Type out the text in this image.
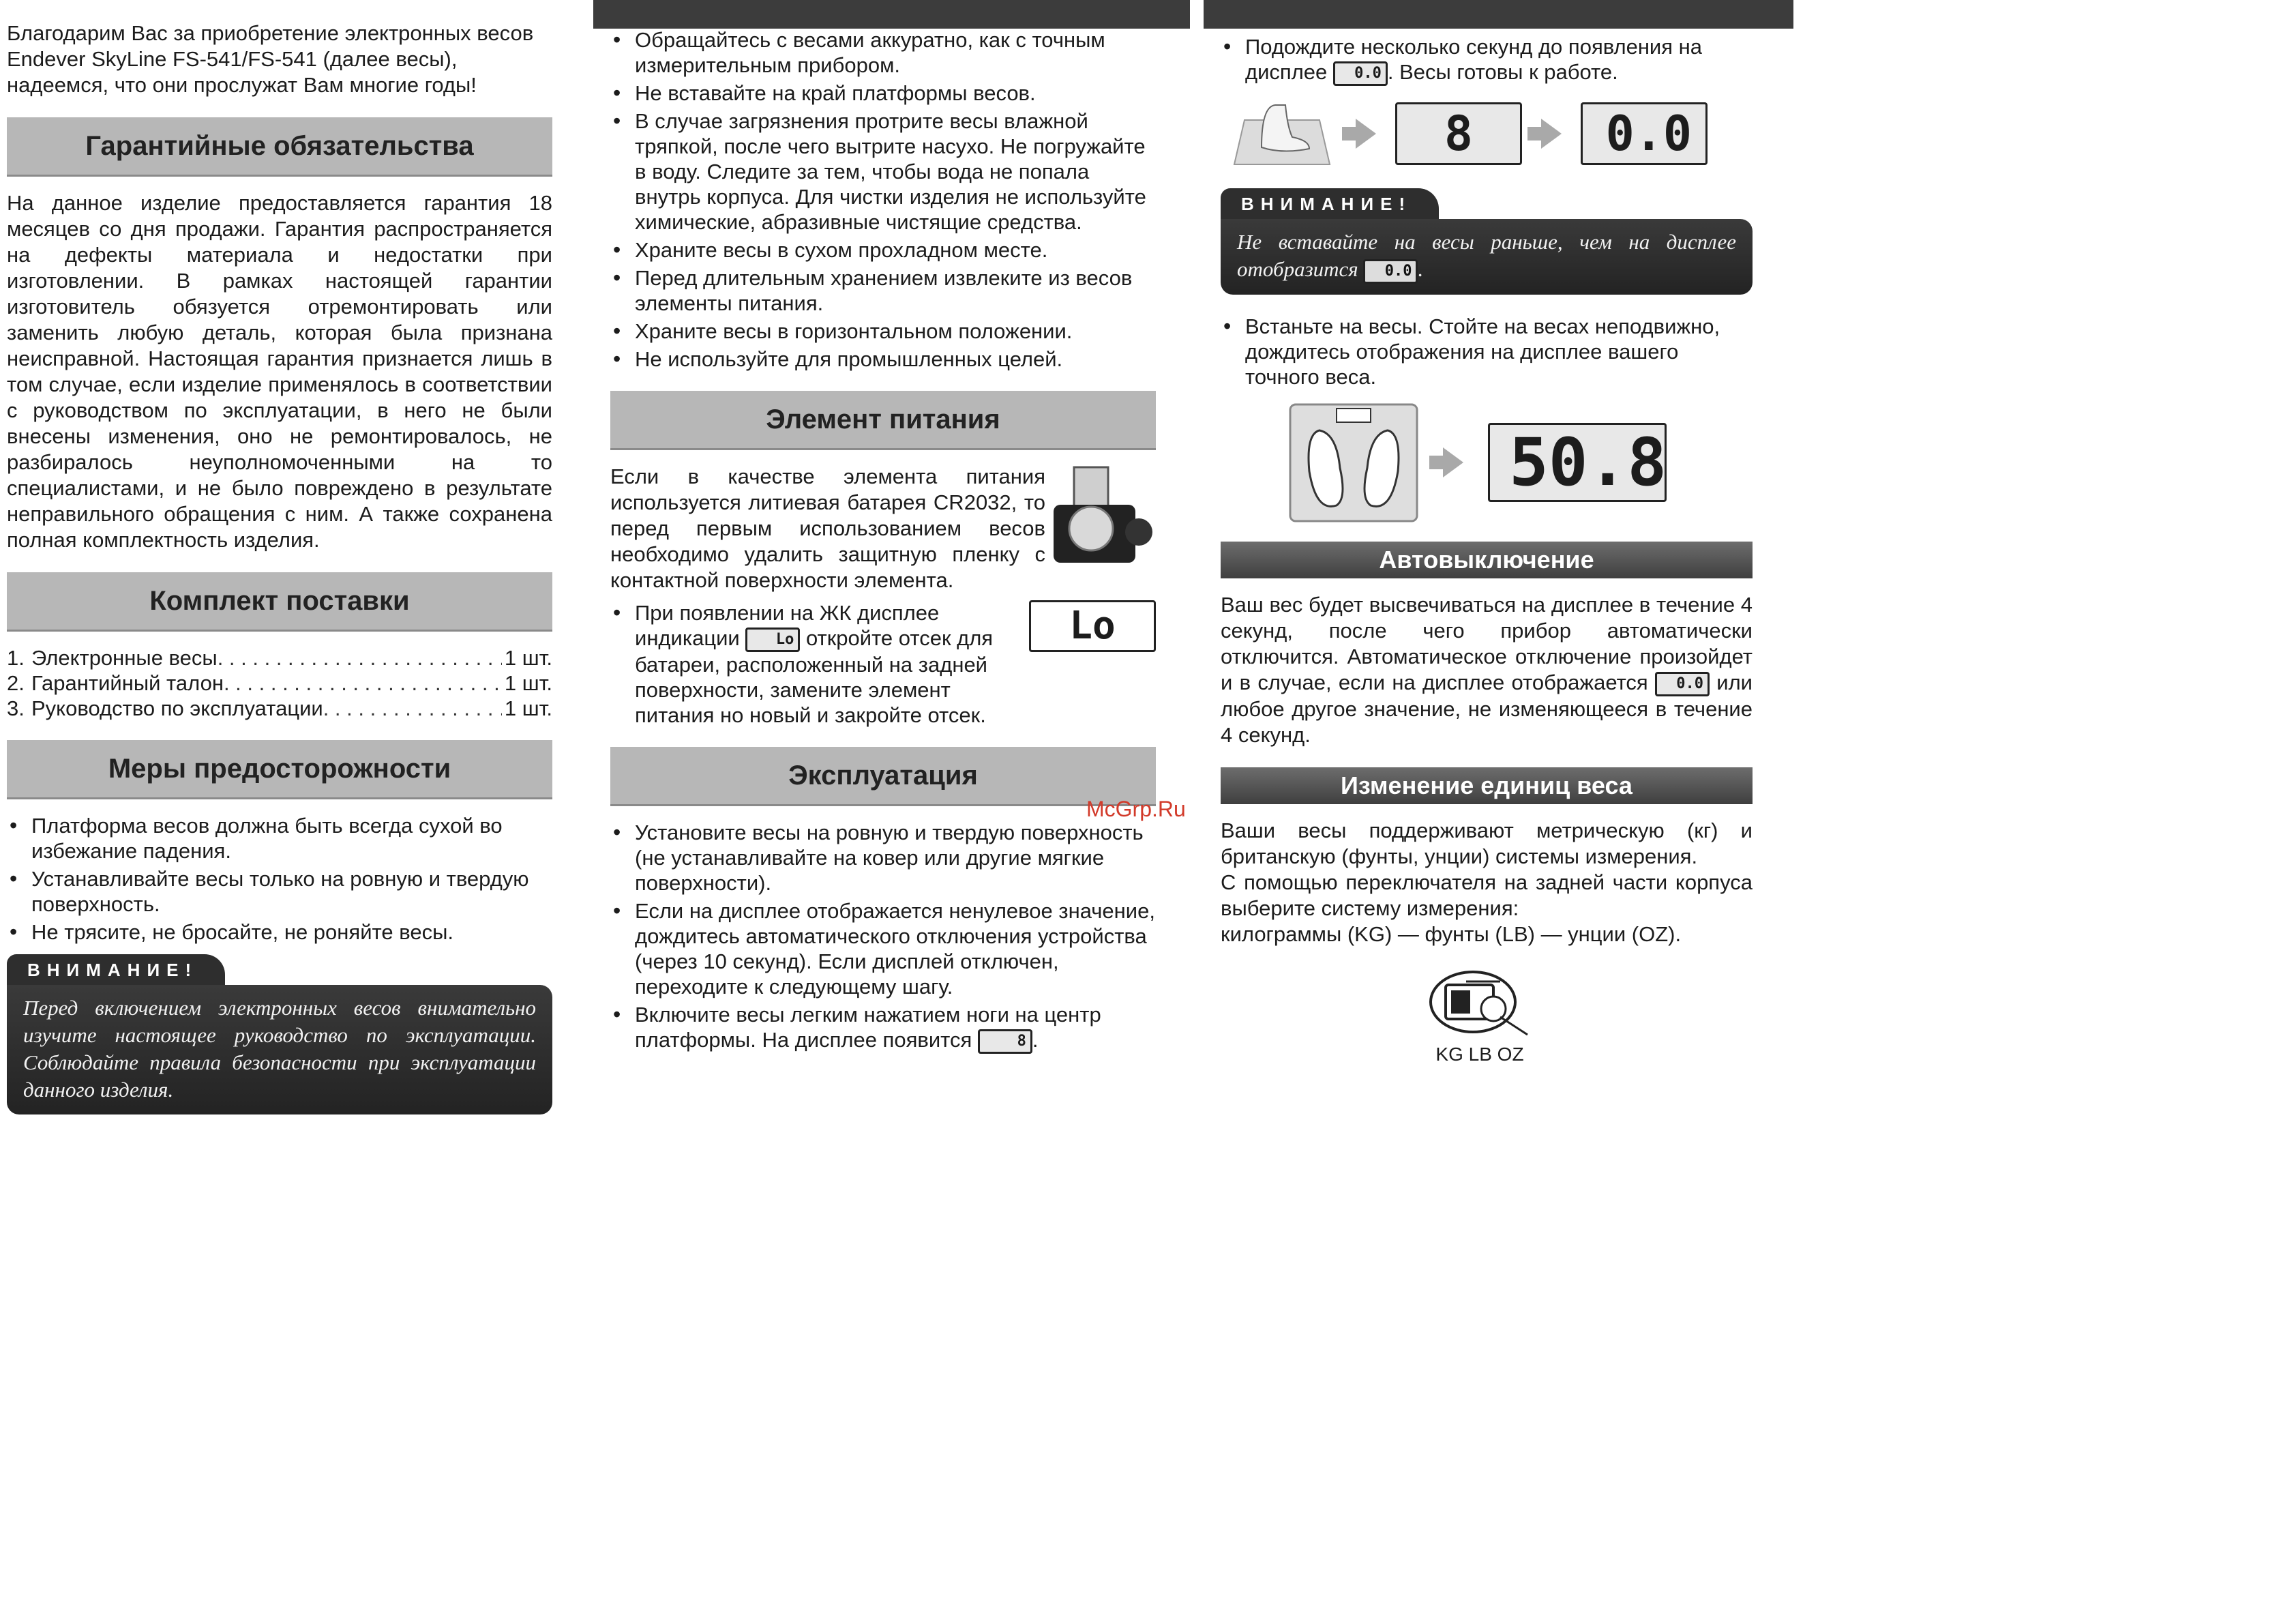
Благодарим Вас за приобретение электронных весов Endever SkyLine FS-541/FS-541 (далее весы), надеемся, что они прослужат Вам многие годы!

Гарантийные обязательства

На данное изделие предоставляется гарантия 18 месяцев со дня продажи. Гарантия распространяется на дефекты материала и недостатки при изготовлении. В рамках настоящей гарантии изготовитель обязуется отремонтировать или заменить любую деталь, которая была признана неисправной. Настоящая гарантия признается лишь в том случае, если изделие применялось в соответствии с руководством по эксплуатации, в него не были внесены изменения, оно не ремонтировалось, не разбиралось неуполномоченными на то специалистами, и не было повреждено в результате неправильного обращения с ним. А также сохранена полная комплектность изделия.

Комплект поставки
1. Электронные весы . . .	1 шт.
2. Гарантийный талон . . .	1 шт.
3. Руководство по эксплуатации . . .	1 шт.
Меры предосторожности
• Платформа весов должна быть всегда сухой во избежание падения.
• Устанавливайте весы только на ровную и твердую поверхность.
• Не трясите, не бросайте, не роняйте весы.
ВНИМАНИЕ!
Перед включением электронных весов внимательно изучите настоящее руководство по эксплуатации. Соблюдайте правила безопасности при эксплуатации данного изделия.
• Обращайтесь с весами аккуратно, как с точным измерительным прибором.
• Не вставайте на край платформы весов.
• В случае загрязнения протрите весы влажной тряпкой, после чего вытрите насухо. Не погружайте в воду. Следите за тем, чтобы вода не попала внутрь корпуса. Для чистки изделия не используйте химические, абразивные чистящие средства.
• Храните весы в сухом прохладном месте.
• Перед длительным хранением извлеките из весов элементы питания.
• Храните весы в горизонтальном положении.
• Не используйте для промышленных целей.
Элемент питания

Если в качестве элемента питания используется литиевая батарея CR2032, то перед первым использованием весов необходимо удалить защитную пленку с контактной поверхности элемента.

• При появлении на ЖК дисплее индикации Lo откройте отсек для батареи, расположенный на задней поверхности, замените элемент питания но новый и закройте отсек.
Lo
Эксплуатация
• Установите весы на ровную и твердую поверхность (не устанавливайте на ковер или другие мягкие поверхности).
• Если на дисплее отображается ненулевое значение, дождитесь автоматического отключения устройства (через 10 секунд). Если дисплей отключен, переходите к следующему шагу.
• Включите весы легким нажатием ноги на центр платформы. На дисплее появится	8 .
• Подождите несколько секунд до появления на дисплее 0.0 . Весы готовы к работе.
8	0.0
ВНИМАНИЕ!
Не вставайте на весы раньше, чем на дисплее отобразится 0.0 .
• Встаньте на весы. Стойте на весах неподвижно, дождитесь отображения на дисплее вашего точного веса.
50.8
Автовыключение

Ваш вес будет высвечиваться на дисплее в течение 4 секунд, после чего прибор автоматически отключится. Автоматическое отключение произойдет и в случае, если на дисплее отображается 0.0 или любое другое значение, не изменяющееся в течение 4 секунд.

Изменение единиц веса

Ваши весы поддерживают метрическую (кг) и британскую (фунты, унции) системы измерения.

С помощью переключателя на задней части корпуса выберите систему измерения:

килограммы (KG) — фунты (LB) — унции (OZ).

KG LB OZ
McGrp.Ru
